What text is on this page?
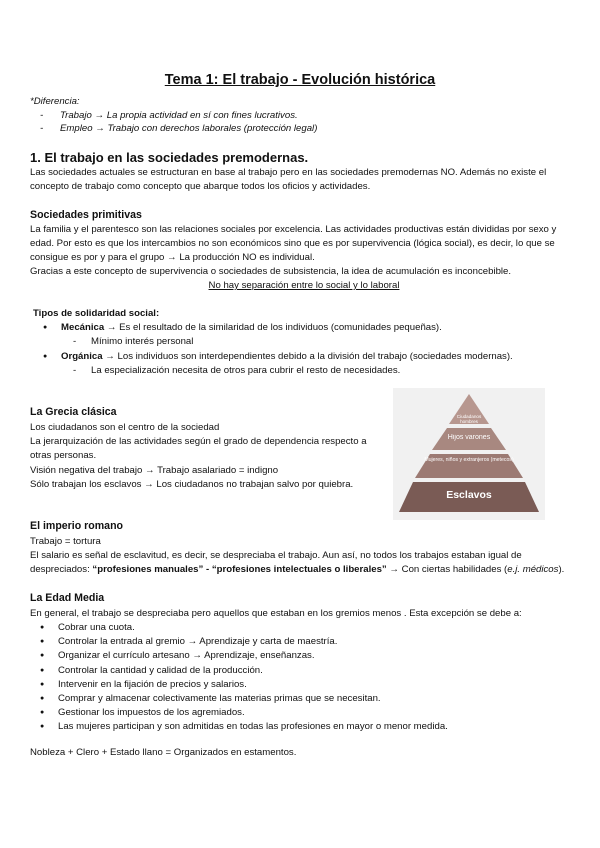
Tema 1: El trabajo - Evolución histórica
*Diferencia:
- Trabajo → La propia actividad en sí con fines lucrativos.
- Empleo → Trabajo con derechos laborales (protección legal)
1. El trabajo en las sociedades premodernas.
Las sociedades actuales se estructuran en base al trabajo pero en las sociedades premodernas NO. Además no existe el concepto de trabajo como concepto que abarque todos los oficios y actividades.
Sociedades primitivas
La familia y el parentesco son las relaciones sociales por excelencia. Las actividades productivas están divididas por sexo y edad. Por esto es que los intercambios no son económicos sino que es por supervivencia (lógica social), es decir, lo que se consigue es por y para el grupo → La producción NO es individual.
Gracias a este concepto de supervivencia o sociedades de subsistencia, la idea de acumulación es inconcebible.
No hay separación entre lo social y lo laboral
Tipos de solidaridad social:
● Mecánica → Es el resultado de la similaridad de los individuos (comunidades pequeñas).
- Mínimo interés personal
● Orgánica → Los individuos son interdependientes debido a la división del trabajo (sociedades modernas).
- La especialización necesita de otros para cubrir el resto de necesidades.
La Grecia clásica
Los ciudadanos son el centro de la sociedad
La jerarquización de las actividades según el grado de dependencia respecto a otras personas.
Visión negativa del trabajo → Trabajo asalariado = indigno
Sólo trabajan los esclavos → Los ciudadanos no trabajan salvo por quiebra.
Ciudadanos hombres
Hijos varones
Mujeres, niños y extranjeros (metecos)
Esclavos
El imperio romano
Trabajo = tortura
El salario es señal de esclavitud, es decir, se despreciaba el trabajo. Aun así, no todos los trabajos estaban igual de despreciados: “profesiones manuales” - “profesiones intelectuales o liberales” → Con ciertas habilidades (e.j. médicos).
La Edad Media
En general, el trabajo se despreciaba pero aquellos que estaban en los gremios menos . Esta excepción se debe a:
● Cobrar una cuota.
● Controlar la entrada al gremio → Aprendizaje y carta de maestría.
● Organizar el currículo artesano → Aprendizaje, enseñanzas.
● Controlar la cantidad y calidad de la producción.
● Intervenir en la fijación de precios y salarios.
● Comprar y almacenar colectivamente las materias primas que se necesitan.
● Gestionar los impuestos de los agremiados.
● Las mujeres participan y son admitidas en todas las profesiones en mayor o menor medida.
Nobleza + Clero + Estado llano = Organizados en estamentos.
